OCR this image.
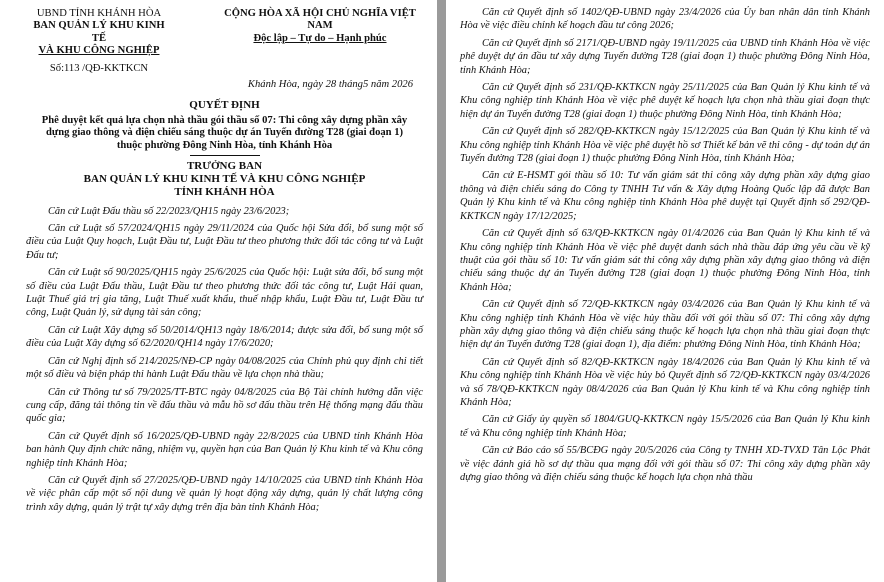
UBND TỈNH KHÁNH HÒA
BAN QUẢN LÝ KHU KINH TẾ
VÀ KHU CÔNG NGHIỆP
Số:113 /QĐ-KKTKCN
CỘNG HÒA XÃ HỘI CHỦ NGHĨA VIỆT NAM
Độc lập – Tự do – Hạnh phúc
Khánh Hòa, ngày 28 tháng5 năm 2026
QUYẾT ĐỊNH
Phê duyệt kết quả lựa chọn nhà thầu gói thầu số 07: Thi công xây dựng phần xây dựng giao thông và điện chiếu sáng thuộc dự án Tuyến đường T28 (giai đoạn 1) thuộc phường Đông Ninh Hòa, tỉnh Khánh Hòa
TRƯỞNG BAN
BAN QUẢN LÝ KHU KINH TẾ VÀ KHU CÔNG NGHIỆP
TỈNH KHÁNH HÒA

Căn cứ Luật Đấu thầu số 22/2023/QH15 ngày 23/6/2023;

Căn cứ Luật số 57/2024/QH15 ngày 29/11/2024 của Quốc hội Sửa đổi, bổ sung một số điều của Luật Quy hoạch, Luật Đầu tư, Luật Đầu tư theo phương thức đối tác công tư và Luật Đấu tư;

Căn cứ Luật số 90/2025/QH15 ngày 25/6/2025 của Quốc hội: Luật sửa đổi, bổ sung một số điều của Luật Đấu thầu, Luật Đầu tư theo phương thức đối tác công tư, Luật Hải quan, Luật Thuế giá trị gia tăng, Luật Thuế xuất khẩu, thuế nhập khẩu, Luật Đầu tư, Luật Đầu tư công, Luật Quản lý, sử dụng tài sản công;

Căn cứ Luật Xây dựng số 50/2014/QH13 ngày 18/6/2014; được sửa đổi, bổ sung một số điều của Luật Xây dựng số 62/2020/QH14 ngày 17/6/2020;

Căn cứ Nghị định số 214/2025/NĐ-CP ngày 04/08/2025 của Chính phủ quy định chi tiết một số điều và biện pháp thi hành Luật Đấu thầu về lựa chọn nhà thầu;

Căn cứ Thông tư số 79/2025/TT-BTC ngày 04/8/2025 của Bộ Tài chính hướng dẫn việc cung cấp, đăng tải thông tin về đấu thầu và mẫu hồ sơ đấu thầu trên Hệ thống mạng đấu thầu quốc gia;

Căn cứ Quyết định số 16/2025/QĐ-UBND ngày 22/8/2025 của UBND tỉnh Khánh Hòa ban hành Quy định chức năng, nhiệm vụ, quyền hạn của Ban Quản lý Khu kinh tế và Khu công nghiệp tỉnh Khánh Hòa;

Căn cứ Quyết định số 27/2025/QĐ-UBND ngày 14/10/2025 của UBND tỉnh Khánh Hòa về việc phân cấp một số nội dung về quản lý hoạt động xây dựng, quản lý chất lượng công trình xây dựng, quản lý trật tự xây dựng trên địa bàn tỉnh Khánh Hòa;

Căn cứ Quyết định số 1402/QĐ-UBND ngày 23/4/2026 của Ủy ban nhân dân tỉnh Khánh Hòa về việc điều chỉnh kế hoạch đầu tư công 2026;

Căn cứ Quyết định số 2171/QĐ-UBND ngày 19/11/2025 của UBND tỉnh Khánh Hòa về việc phê duyệt dự án đầu tư xây dựng Tuyến đường T28 (giai đoạn 1) thuộc phường Đông Ninh Hòa, tỉnh Khánh Hòa;

Căn cứ Quyết định số 231/QĐ-KKTKCN ngày 25/11/2025 của Ban Quản lý Khu kinh tế và Khu công nghiệp tỉnh Khánh Hòa về việc phê duyệt kế hoạch lựa chọn nhà thầu giai đoạn thực hiện dự án Tuyến đường T28 (giai đoạn 1) thuộc phường Đông Ninh Hòa, tỉnh Khánh Hòa;

Căn cứ Quyết định số 282/QĐ-KKTKCN ngày 15/12/2025 của Ban Quản lý Khu kinh tế và Khu công nghiệp tỉnh Khánh Hòa về việc phê duyệt hồ sơ Thiết kế bản vẽ thi công - dự toán dự án Tuyến đường T28 (giai đoạn 1) thuộc phường Đông Ninh Hòa, tỉnh Khánh Hòa;

Căn cứ E-HSMT gói thầu số 10: Tư vấn giám sát thi công xây dựng phần xây dựng giao thông và điện chiếu sáng do Công ty TNHH Tư vấn & Xây dựng Hoàng Quốc lập đã được Ban Quản lý Khu kinh tế và Khu công nghiệp tỉnh Khánh Hòa phê duyệt tại Quyết định số 292/QĐ-KKTKCN ngày 17/12/2025;

Căn cứ Quyết định số 63/QĐ-KKTKCN ngày 01/4/2026 của Ban Quản lý Khu kinh tế và Khu công nghiệp tỉnh Khánh Hòa về việc phê duyệt danh sách nhà thầu đáp ứng yêu cầu về kỹ thuật của gói thầu số 10: Tư vấn giám sát thi công xây dựng phần xây dựng giao thông và điện chiếu sáng thuộc dự án Tuyến đường T28 (giai đoạn 1) thuộc phường Đông Ninh Hòa, tỉnh Khánh Hòa;

Căn cứ Quyết định số 72/QĐ-KKTKCN ngày 03/4/2026 của Ban Quản lý Khu kinh tế và Khu công nghiệp tỉnh Khánh Hòa về việc hủy thầu đối với gói thầu số 07: Thi công xây dựng phần xây dựng giao thông và điện chiếu sáng thuộc kế hoạch lựa chọn nhà thầu giai đoạn thực hiện dự án Tuyến đường T28 (giai đoạn 1), địa điểm: phường Đông Ninh Hòa, tỉnh Khánh Hòa;

Căn cứ Quyết định số 82/QĐ-KKTKCN ngày 18/4/2026 của Ban Quản lý Khu kinh tế và Khu công nghiệp tỉnh Khánh Hòa về việc hủy bỏ Quyết định số 72/QĐ-KKTKCN ngày 03/4/2026 và số 78/QĐ-KKTKCN ngày 08/4/2026 của Ban Quản lý Khu kinh tế và Khu công nghiệp tỉnh Khánh Hòa;

Căn cứ Giấy ủy quyền số 1804/GUQ-KKTKCN ngày 15/5/2026 của Ban Quản lý Khu kinh tế và Khu công nghiệp tỉnh Khánh Hòa;

Căn cứ Báo cáo số 55/BCĐG ngày 20/5/2026 của Công ty TNHH XD-TVXD Tân Lộc Phát về việc đánh giá hồ sơ dự thầu qua mạng đối với gói thầu số 07: Thi công xây dựng phần xây dựng giao thông và điện chiếu sáng thuộc kế hoạch lựa chọn nhà thầu
